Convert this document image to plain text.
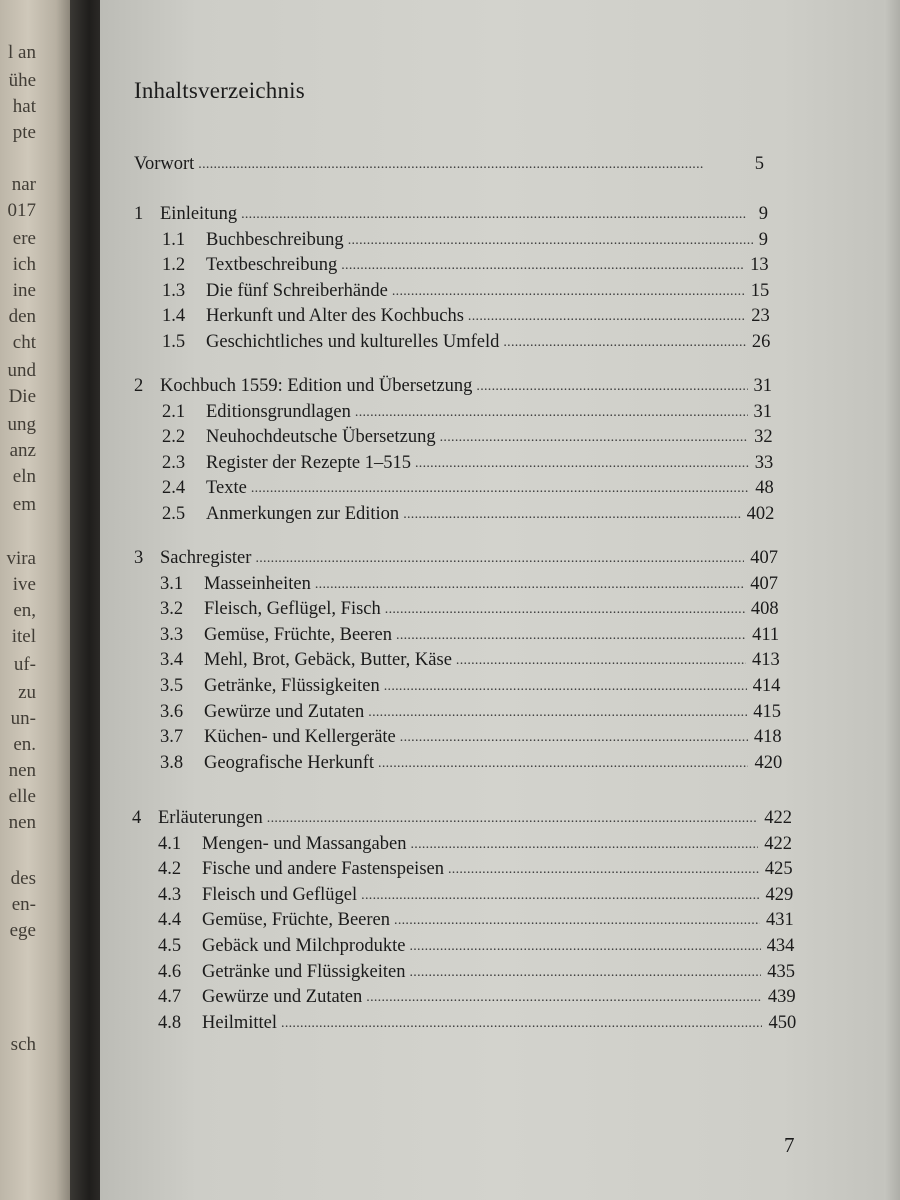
l an
ühe
hat
pte
nar
017
ere
ich
ine
den
cht
und
Die
ung
anz
eln
em
vira
ive
en,
itel
uf-
zu
un-
en.
nen
elle
nen
des
en-
ege
sch
Inhaltsverzeichnis
Vorwort . . .	5
1 Einleitung . . .	9
1.1	Buchbeschreibung . . .	9
1.2	Textbeschreibung . . .	13
1.3	Die fünf Schreiberhände . . .	15
1.4	Herkunft und Alter des Kochbuchs . . .	23
1.5	Geschichtliches und kulturelles Umfeld . . .	26
2 Kochbuch 1559: Edition und Übersetzung . . .	31
2.1	Editionsgrundlagen . . .	31
2.2	Neuhochdeutsche Übersetzung . . .	32
2.3	Register der Rezepte 1–515 . . .	33
2.4	Texte . . .	48
2.5	Anmerkungen zur Edition . . .	402
3 Sachregister . . .	407
3.1	Masseinheiten . . .	407
3.2	Fleisch, Geflügel, Fisch . . .	408
3.3	Gemüse, Früchte, Beeren . . .	411
3.4	Mehl, Brot, Gebäck, Butter, Käse . . .	413
3.5	Getränke, Flüssigkeiten . . .	414
3.6	Gewürze und Zutaten . . .	415
3.7	Küchen- und Kellergeräte . . .	418
3.8	Geografische Herkunft . . .	420
4 Erläuterungen . . .	422
4.1	Mengen- und Massangaben . . .	422
4.2	Fische und andere Fastenspeisen . . .	425
4.3	Fleisch und Geflügel . . .	429
4.4	Gemüse, Früchte, Beeren . . .	431
4.5	Gebäck und Milchprodukte . . .	434
4.6	Getränke und Flüssigkeiten . . .	435
4.7	Gewürze und Zutaten . . .	439
4.8	Heilmittel . . .	450
7
